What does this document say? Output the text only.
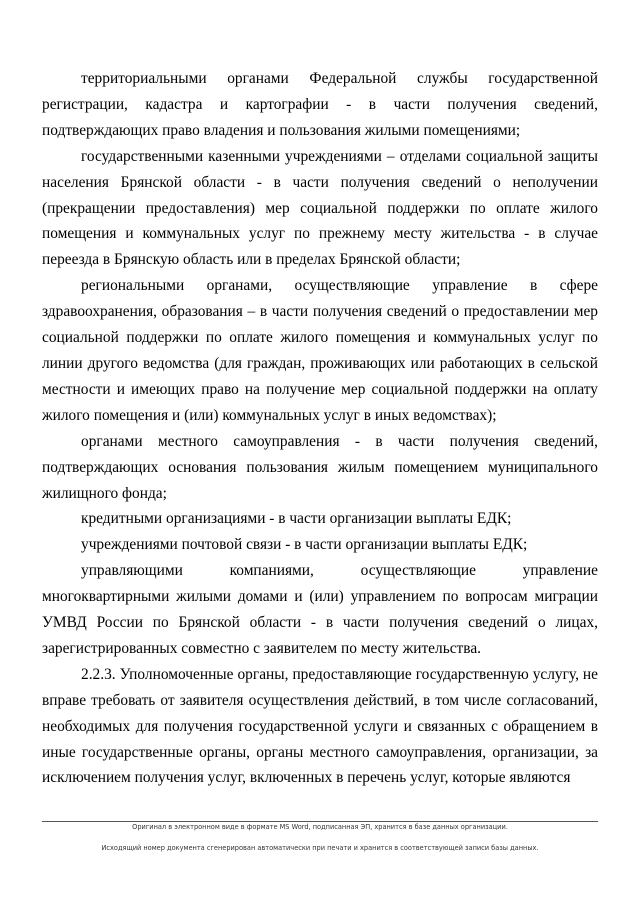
территориальными органами Федеральной службы государственной регистрации, кадастра и картографии - в части получения сведений, подтверждающих право владения и пользования жилыми помещениями;

государственными казенными учреждениями – отделами социальной защиты населения Брянской области - в части получения сведений о неполучении (прекращении предоставления) мер социальной поддержки по оплате жилого помещения и коммунальных услуг по прежнему месту жительства - в случае переезда в Брянскую область или в пределах Брянской области;

региональными органами, осуществляющие управление в сфере здравоохранения, образования – в части получения сведений о предоставлении мер социальной поддержки по оплате жилого помещения и коммунальных услуг по линии другого ведомства (для граждан, проживающих или работающих в сельской местности и имеющих право на получение мер социальной поддержки на оплату жилого помещения и (или) коммунальных услуг в иных ведомствах);

органами местного самоуправления - в части получения сведений, подтверждающих основания пользования жилым помещением муниципального жилищного фонда;

кредитными организациями - в части организации выплаты ЕДК;

учреждениями почтовой связи - в части организации выплаты ЕДК;

управляющими компаниями, осуществляющие управление многоквартирными жилыми домами и (или) управлением по вопросам миграции УМВД России по Брянской области - в части получения сведений о лицах, зарегистрированных совместно с заявителем по месту жительства.

2.2.3. Уполномоченные органы, предоставляющие государственную услугу, не вправе требовать от заявителя осуществления действий, в том числе согласований, необходимых для получения государственной услуги и связанных с обращением в иные государственные органы, органы местного самоуправления, организации, за исключением получения услуг, включенных в перечень услуг, которые являются

Оригинал в электронном виде в формате MS Word, подписанная ЭП, хранится в базе данных организации.
Исходящий номер документа сгенерирован автоматически при печати и хранится в соответствующей записи базы данных.
